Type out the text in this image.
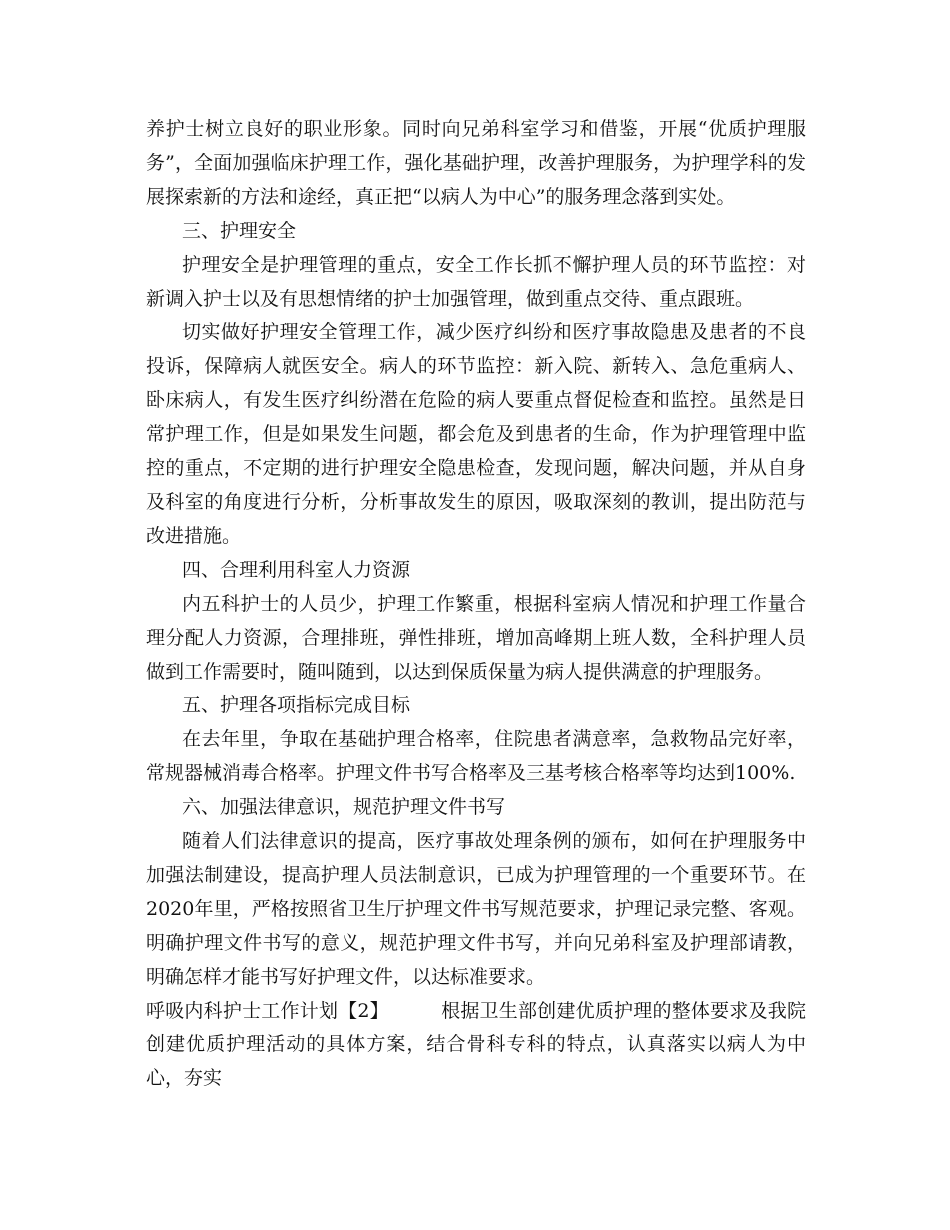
养护士树立良好的职业形象。同时向兄弟科室学习和借鉴，开展“优质护理服务”，全面加强临床护理工作，强化基础护理，改善护理服务，为护理学科的发展探索新的方法和途经，真正把“以病人为中心”的服务理念落到实处。

三、护理安全

护理安全是护理管理的重点，安全工作长抓不懈护理人员的环节监控：对新调入护士以及有思想情绪的护士加强管理，做到重点交待、重点跟班。

切实做好护理安全管理工作，减少医疗纠纷和医疗事故隐患及患者的不良投诉，保障病人就医安全。病人的环节监控：新入院、新转入、急危重病人、卧床病人，有发生医疗纠纷潜在危险的病人要重点督促检查和监控。虽然是日常护理工作，但是如果发生问题，都会危及到患者的生命，作为护理管理中监控的重点，不定期的进行护理安全隐患检查，发现问题，解决问题，并从自身及科室的角度进行分析，分析事故发生的原因，吸取深刻的教训，提出防范与改进措施。

四、合理利用科室人力资源

内五科护士的人员少，护理工作繁重，根据科室病人情况和护理工作量合理分配人力资源，合理排班，弹性排班，增加高峰期上班人数，全科护理人员做到工作需要时，随叫随到，以达到保质保量为病人提供满意的护理服务。

五、护理各项指标完成目标

在去年里，争取在基础护理合格率，住院患者满意率，急救物品完好率，常规器械消毒合格率。护理文件书写合格率及三基考核合格率等均达到100%.

六、加强法律意识，规范护理文件书写

随着人们法律意识的提高，医疗事故处理条例的颁布，如何在护理服务中加强法制建设，提高护理人员法制意识，已成为护理管理的一个重要环节。在2020年里，严格按照省卫生厅护理文件书写规范要求，护理记录完整、客观。明确护理文件书写的意义，规范护理文件书写，并向兄弟科室及护理部请教，明确怎样才能书写好护理文件，以达标准要求。

呼吸内科护士工作计划【2】	根据卫生部创建优质护理的整体要求及我院创建优质护理活动的具体方案，结合骨科专科的特点，认真落实以病人为中心，夯实
